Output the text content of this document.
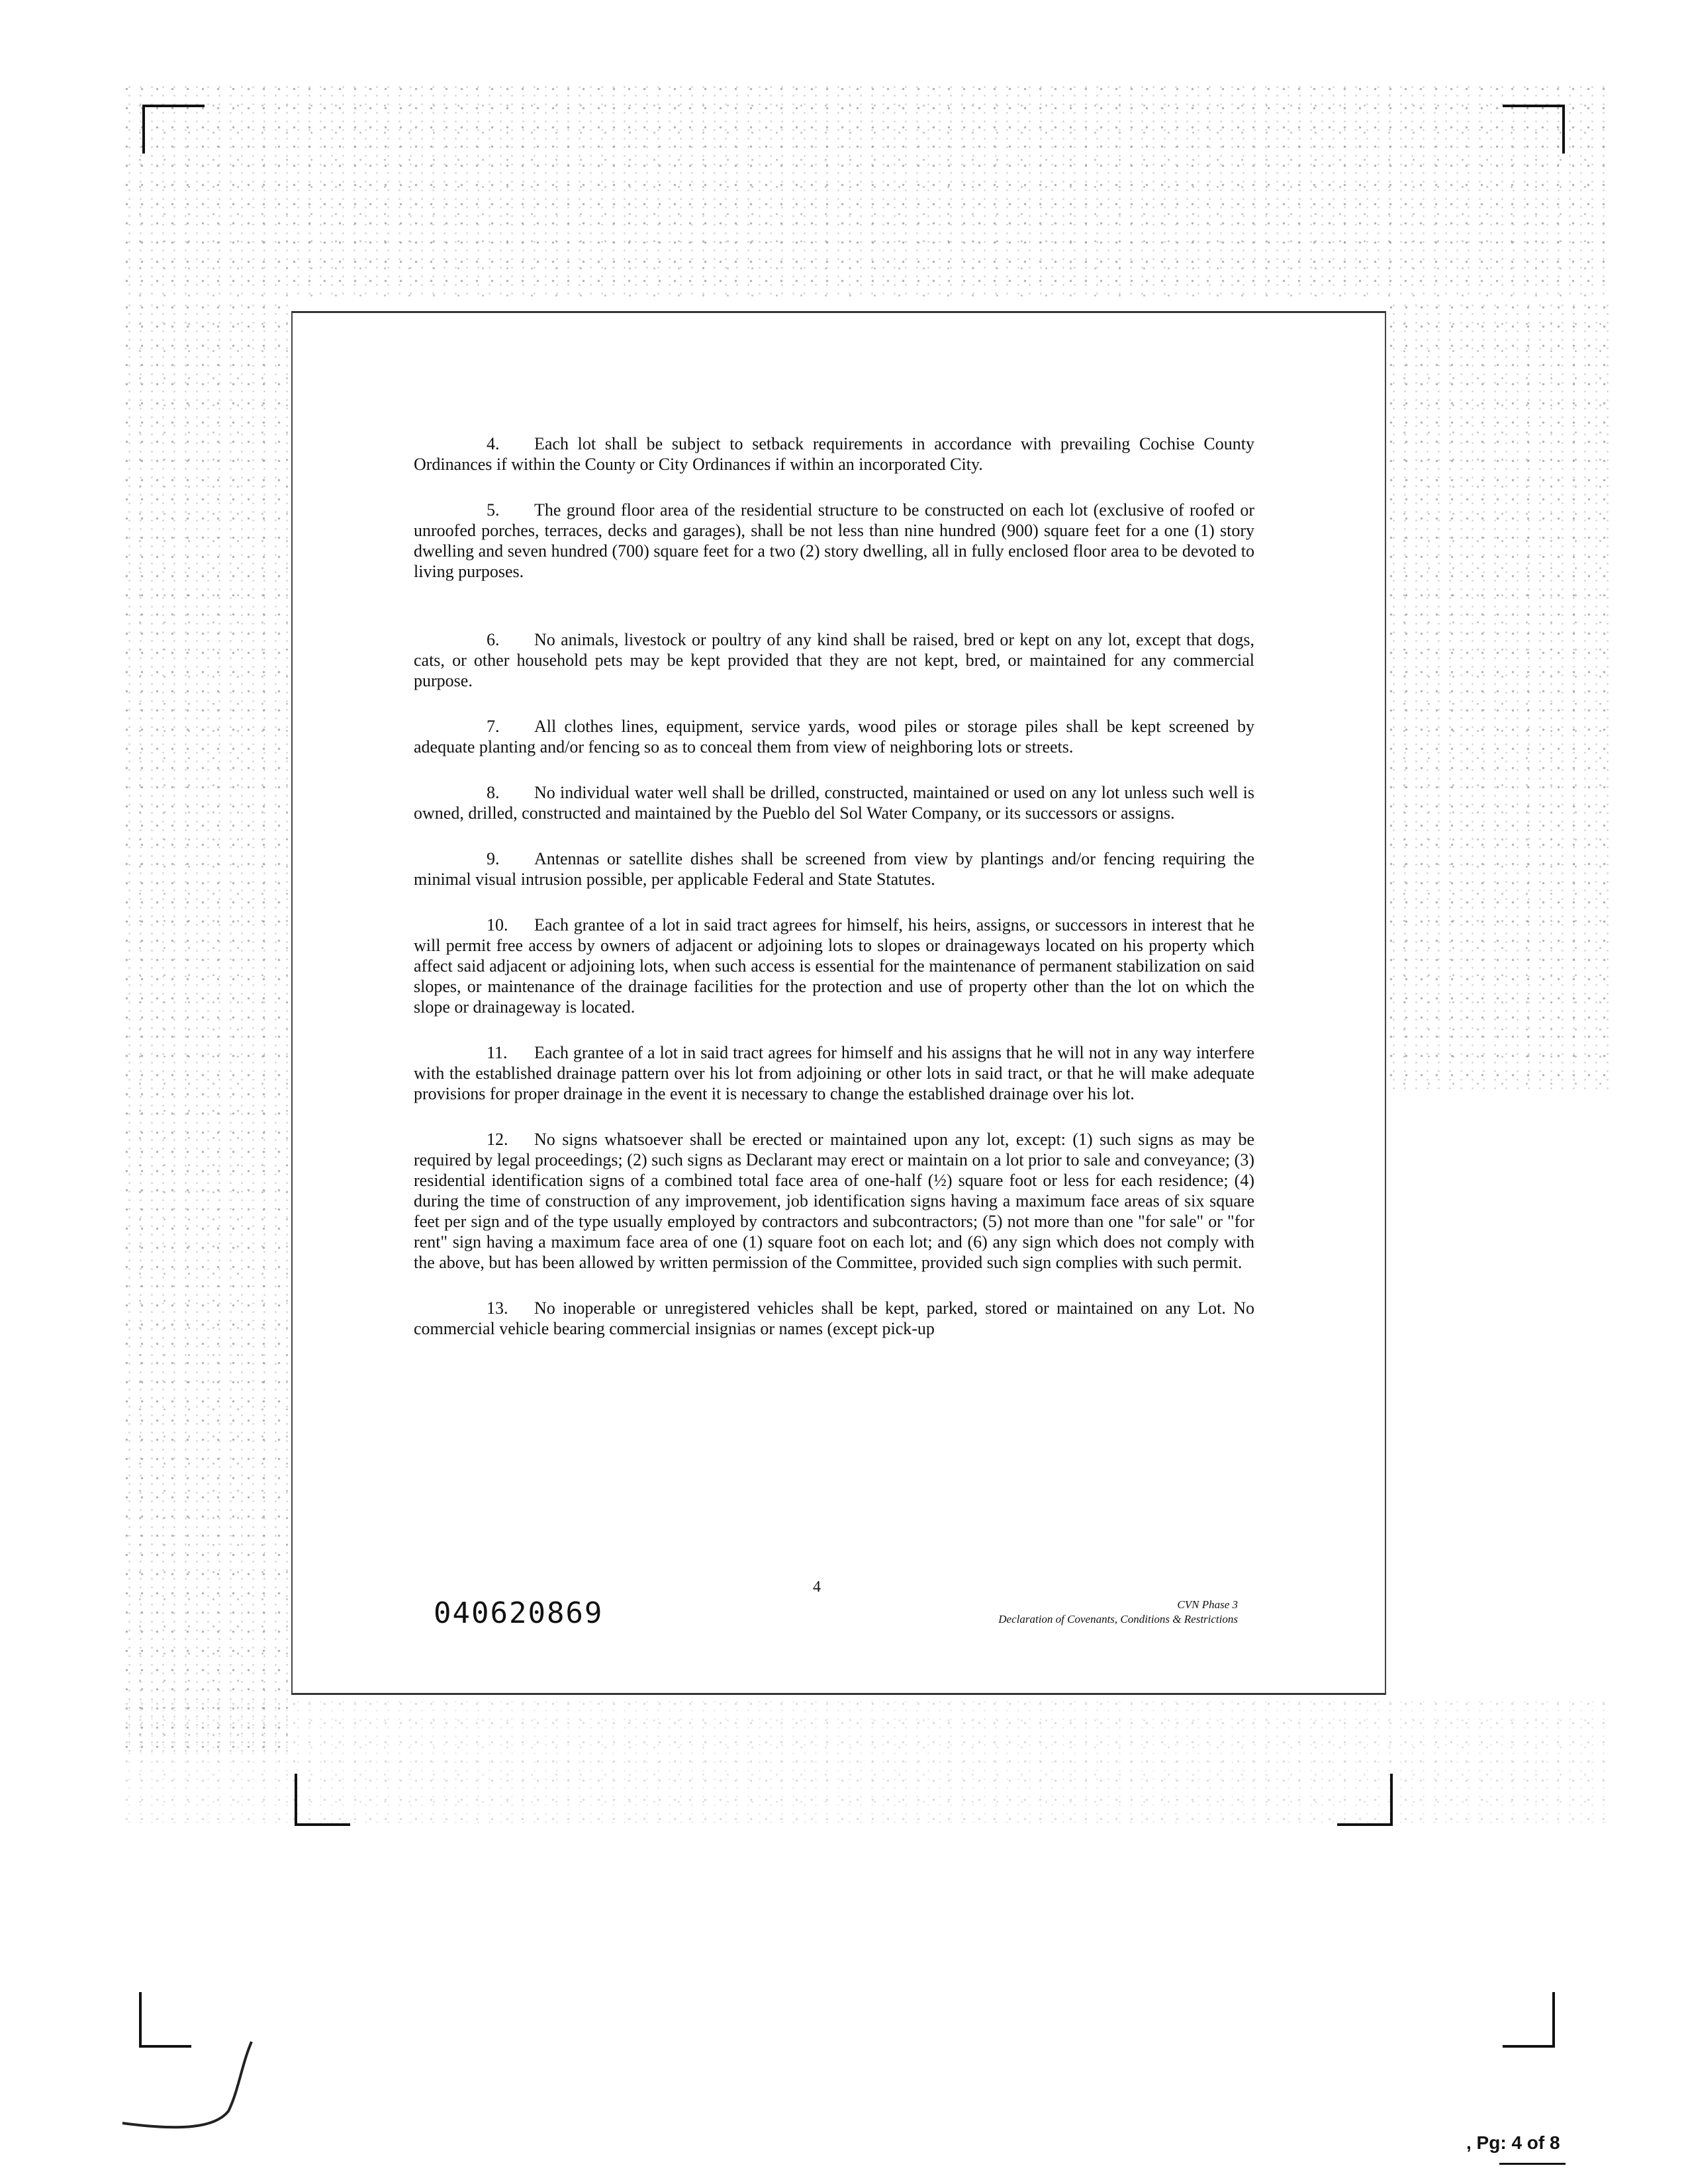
4. Each lot shall be subject to setback requirements in accordance with prevailing Cochise County Ordinances if within the County or City Ordinances if within an incorporated City.

5. The ground floor area of the residential structure to be constructed on each lot (exclusive of roofed or unroofed porches, terraces, decks and garages), shall be not less than nine hundred (900) square feet for a one (1) story dwelling and seven hundred (700) square feet for a two (2) story dwelling, all in fully enclosed floor area to be devoted to living purposes.

6. No animals, livestock or poultry of any kind shall be raised, bred or kept on any lot, except that dogs, cats, or other household pets may be kept provided that they are not kept, bred, or maintained for any commercial purpose.

7. All clothes lines, equipment, service yards, wood piles or storage piles shall be kept screened by adequate planting and/or fencing so as to conceal them from view of neighboring lots or streets.

8. No individual water well shall be drilled, constructed, maintained or used on any lot unless such well is owned, drilled, constructed and maintained by the Pueblo del Sol Water Company, or its successors or assigns.

9. Antennas or satellite dishes shall be screened from view by plantings and/or fencing requiring the minimal visual intrusion possible, per applicable Federal and State Statutes.

10. Each grantee of a lot in said tract agrees for himself, his heirs, assigns, or successors in interest that he will permit free access by owners of adjacent or adjoining lots to slopes or drainageways located on his property which affect said adjacent or adjoining lots, when such access is essential for the maintenance of permanent stabilization on said slopes, or maintenance of the drainage facilities for the protection and use of property other than the lot on which the slope or drainageway is located.

11. Each grantee of a lot in said tract agrees for himself and his assigns that he will not in any way interfere with the established drainage pattern over his lot from adjoining or other lots in said tract, or that he will make adequate provisions for proper drainage in the event it is necessary to change the established drainage over his lot.

12. No signs whatsoever shall be erected or maintained upon any lot, except: (1) such signs as may be required by legal proceedings; (2) such signs as Declarant may erect or maintain on a lot prior to sale and conveyance; (3) residential identification signs of a combined total face area of one-half (½) square foot or less for each residence; (4) during the time of construction of any improvement, job identification signs having a maximum face areas of six square feet per sign and of the type usually employed by contractors and subcontractors; (5) not more than one "for sale" or "for rent" sign having a maximum face area of one (1) square foot on each lot; and (6) any sign which does not comply with the above, but has been allowed by written permission of the Committee, provided such sign complies with such permit.

13. No inoperable or unregistered vehicles shall be kept, parked, stored or maintained on any Lot. No commercial vehicle bearing commercial insignias or names (except pick-up

4
040620869	CVN Phase 3
Declaration of Covenants, Conditions & Restrictions
, Pg: 4 of 8
